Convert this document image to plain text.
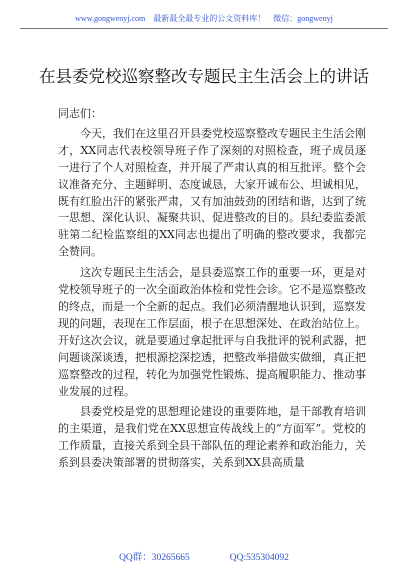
www.gongwenyj.com 最新最全最专业的公文资料库！ 微信：gongwenyj
在县委党校巡察整改专题民主生活会上的讲话

同志们：

今天，我们在这里召开县委党校巡察整改专题民主生活会刚才，XX同志代表校领导班子作了深刻的对照检查，班子成员逐一进行了个人对照检查，并开展了严肃认真的相互批评。整个会议准备充分、主题鲜明、态度诚恳，大家开诚布公、坦诚相见，既有红脸出汗的紧张严肃，又有加油鼓劲的团结和谐，达到了统一思想、深化认识、凝聚共识、促进整改的目的。县纪委监委派驻第二纪检监察组的XX同志也提出了明确的整改要求，我都完全赞同。

这次专题民主生活会，是县委巡察工作的重要一环，更是对党校领导班子的一次全面政治体检和党性会诊。它不是巡察整改的终点，而是一个全新的起点。我们必须清醒地认识到，巡察发现的问题，表现在工作层面，根子在思想深处、在政治站位上。开好这次会议，就是要通过拿起批评与自我批评的锐利武器，把问题谈深谈透，把根源挖深挖透，把整改举措做实做细，真正把巡察整改的过程，转化为加强党性锻炼、提高履职能力、推动事业发展的过程。

县委党校是党的思想理论建设的重要阵地，是干部教育培训的主渠道，是我们党在XX思想宣传战线上的“方面军”。党校的工作质量，直接关系到全县干部队伍的理论素养和政治能力，关系到县委决策部署的贯彻落实，关系到XX县高质量

QQ群：30265665	QQ:535304092
